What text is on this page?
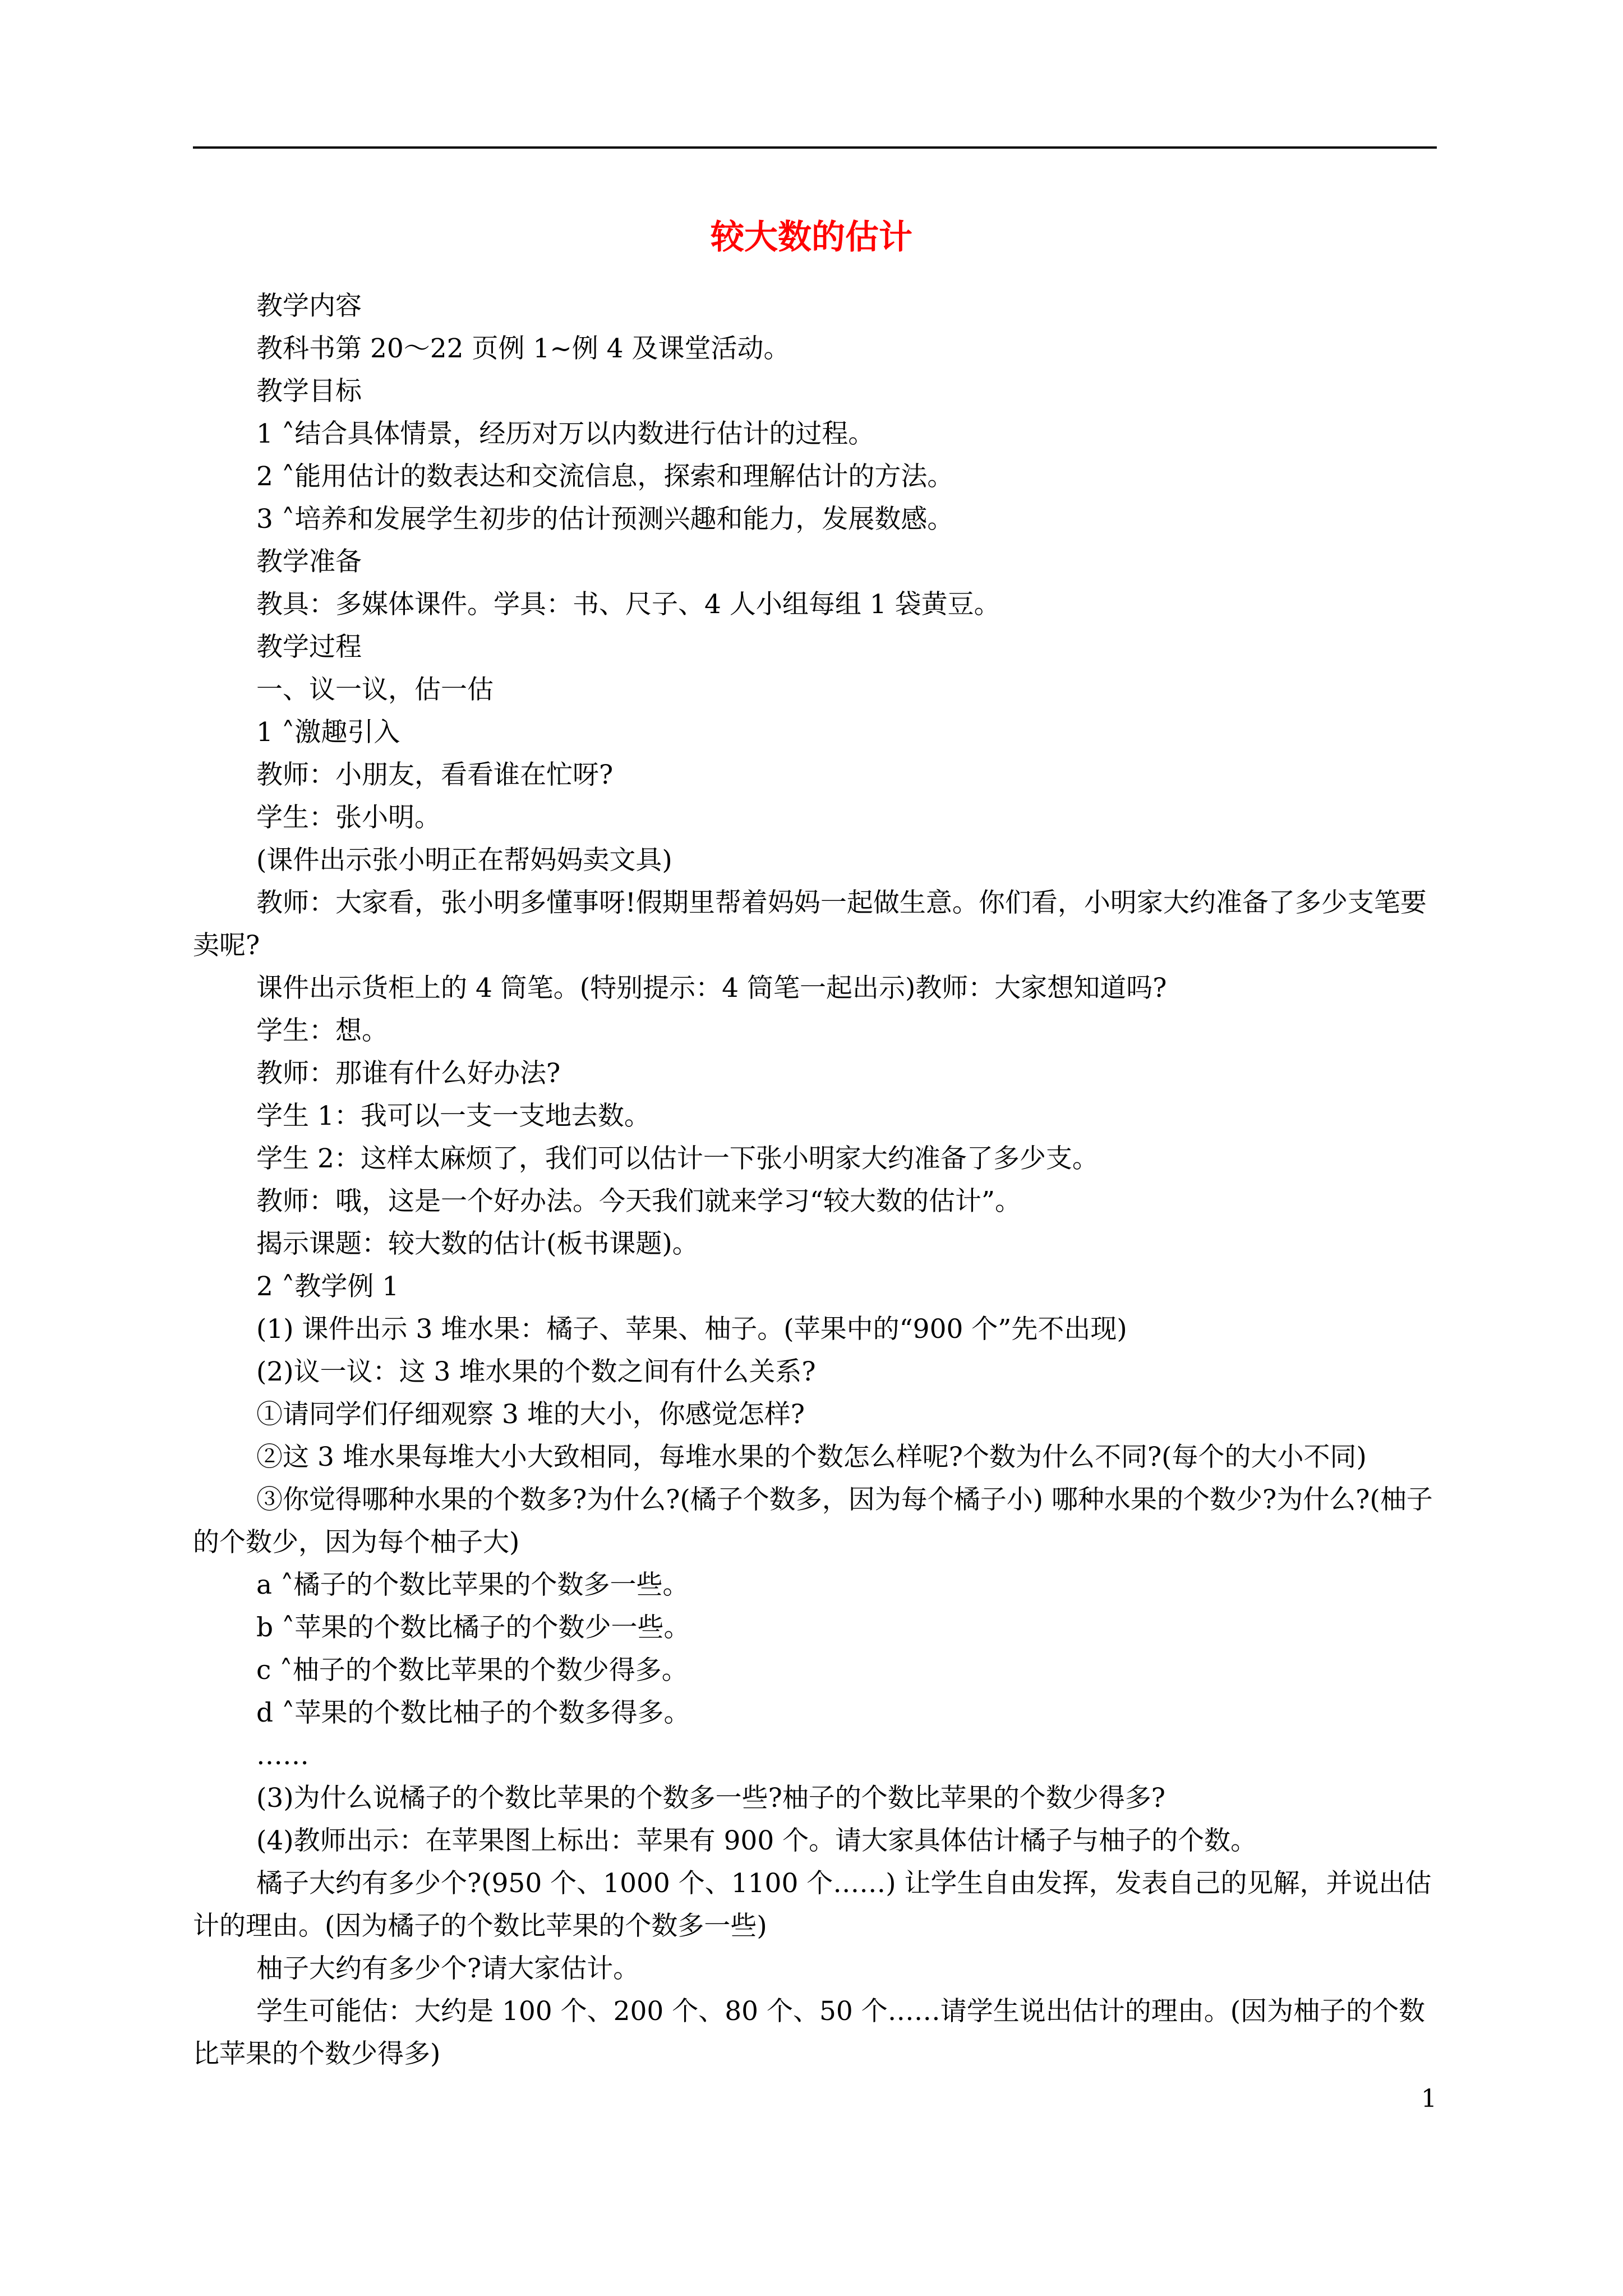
较大数的估计

教学内容

教科书第 20～22 页例 1~例 4 及课堂活动。

教学目标

1 ˄结合具体情景，经历对万以内数进行估计的过程。

2 ˄能用估计的数表达和交流信息，探索和理解估计的方法。

3 ˄培养和发展学生初步的估计预测兴趣和能力，发展数感。

教学准备

教具：多媒体课件。学具：书、尺子、4 人小组每组 1 袋黄豆。

教学过程

一、议一议，估一估

1 ˄激趣引入

教师：小朋友，看看谁在忙呀?

学生：张小明。

(课件出示张小明正在帮妈妈卖文具)

教师：大家看，张小明多懂事呀!假期里帮着妈妈一起做生意。你们看，小明家大约准备了多少支笔要卖呢?

课件出示货柜上的 4 筒笔。(特别提示：4 筒笔一起出示)教师：大家想知道吗?

学生：想。

教师：那谁有什么好办法?

学生 1：我可以一支一支地去数。

学生 2：这样太麻烦了，我们可以估计一下张小明家大约准备了多少支。

教师：哦，这是一个好办法。今天我们就来学习“较大数的估计”。

揭示课题：较大数的估计(板书课题)。

2 ˄教学例 1

(1) 课件出示 3 堆水果：橘子、苹果、柚子。(苹果中的“900 个”先不出现)

(2)议一议：这 3 堆水果的个数之间有什么关系?

①请同学们仔细观察 3 堆的大小，你感觉怎样?

②这 3 堆水果每堆大小大致相同，每堆水果的个数怎么样呢?个数为什么不同?(每个的大小不同)

③你觉得哪种水果的个数多?为什么?(橘子个数多，因为每个橘子小) 哪种水果的个数少?为什么?(柚子的个数少，因为每个柚子大)

a ˄橘子的个数比苹果的个数多一些。

b ˄苹果的个数比橘子的个数少一些。

c ˄柚子的个数比苹果的个数少得多。

d ˄苹果的个数比柚子的个数多得多。

……

(3)为什么说橘子的个数比苹果的个数多一些?柚子的个数比苹果的个数少得多?

(4)教师出示：在苹果图上标出：苹果有 900 个。请大家具体估计橘子与柚子的个数。

橘子大约有多少个?(950 个、1000 个、1100 个……) 让学生自由发挥，发表自己的见解，并说出估计的理由。(因为橘子的个数比苹果的个数多一些)

柚子大约有多少个?请大家估计。

学生可能估：大约是 100 个、200 个、80 个、50 个……请学生说出估计的理由。(因为柚子的个数比苹果的个数少得多)

1
